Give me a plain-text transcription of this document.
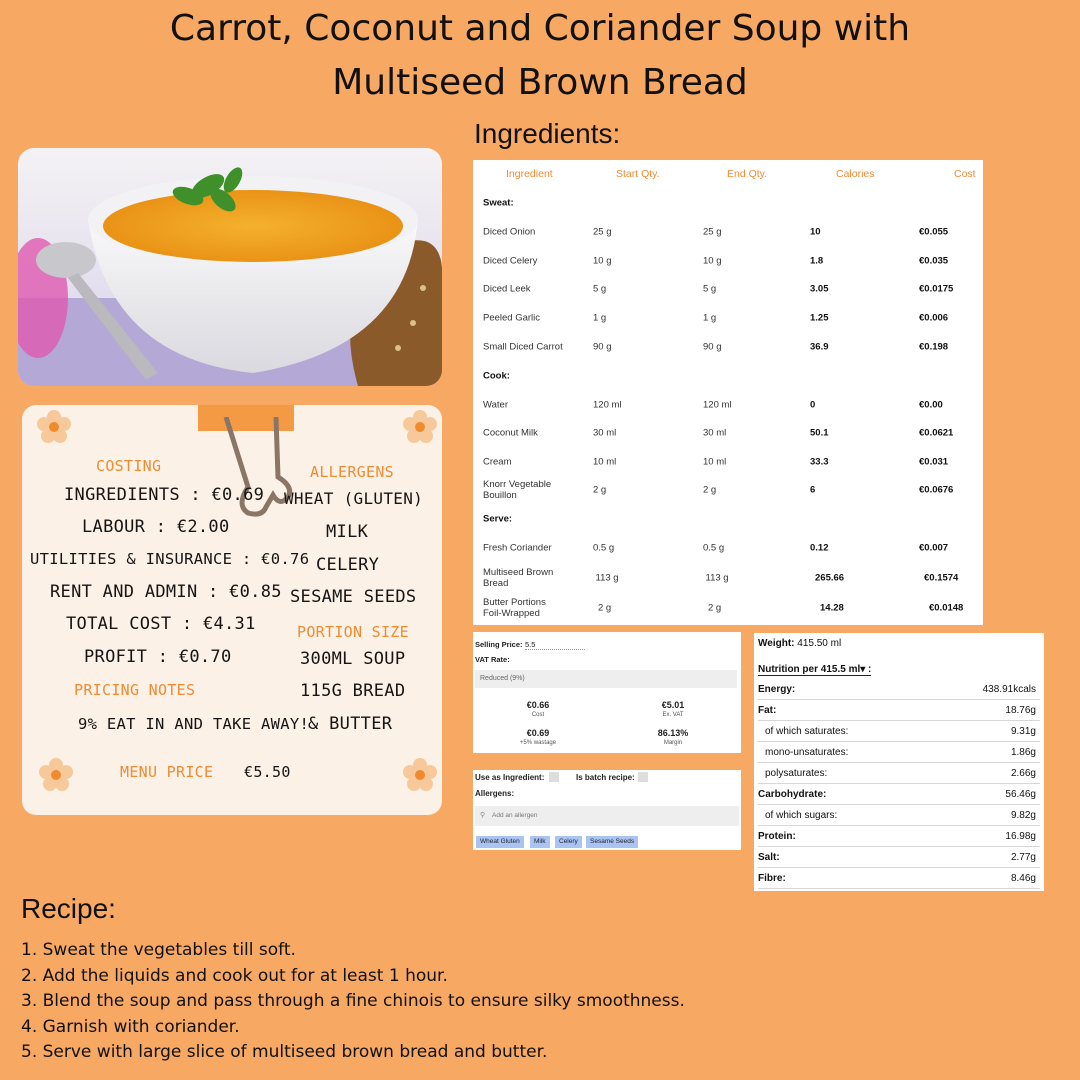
Carrot, Coconut and Coriander Soup with
Multiseed Brown Bread
Ingredients:
COSTING
INGREDIENTS : €0.69
LABOUR : €2.00
UTILITIES & INSURANCE : €0.76
RENT AND ADMIN : €0.85
TOTAL COST : €4.31
PROFIT : €0.70
PRICING NOTES
9% EAT IN AND TAKE AWAY!
MENU PRICE €5.50
ALLERGENS
WHEAT (GLUTEN)
MILK
CELERY
SESAME SEEDS
PORTION SIZE
300ML SOUP
115G BREAD
& BUTTER
Ingredient	Start Qty.	End Qty.	Calories	Cost
Sweat:
Diced Onion	25 g	25 g	10	€0.055
Diced Celery	10 g	10 g	1.8	€0.035
Diced Leek	5 g	5 g	3.05	€0.0175
Peeled Garlic	1 g	1 g	1.25	€0.006
Small Diced Carrot	90 g	90 g	36.9	€0.198
Cook:
Water	120 ml	120 ml	0	€0.00
Coconut Milk	30 ml	30 ml	50.1	€0.0621
Cream	10 ml	10 ml	33.3	€0.031
Knorr Vegetable Bouillon	2 g	2 g	6	€0.0676
Serve:
Fresh Coriander	0.5 g	0.5 g	0.12	€0.007
Multiseed Brown Bread	113 g	113 g	265.66	€0.1574
Butter Portions Foil-Wrapped	2 g	2 g	14.28	€0.0148
Selling Price: 5.5
VAT Rate:
Reduced (9%)
€0.66
Cost
€5.01
Ex. VAT
€0.69
+5% wastage
86.13%
Margin
Use as Ingredient:	Is batch recipe:
Allergens:
⚲ Add an allergen
Wheat Gluten	Milk	Celery	Sesame Seeds
Weight: 415.50 ml
Nutrition per 415.5 ml▾ :
Energy:	438.91kcals
Fat:	18.76g
of which saturates:	9.31g
mono-unsaturates:	1.86g
polysaturates:	2.66g
Carbohydrate:	56.46g
of which sugars:	9.82g
Protein:	16.98g
Salt:	2.77g
Fibre:	8.46g
Recipe:
1. Sweat the vegetables till soft.
2. Add the liquids and cook out for at least 1 hour.
3. Blend the soup and pass through a fine chinois to ensure silky smoothness.
4. Garnish with coriander.
5. Serve with large slice of multiseed brown bread and butter.
